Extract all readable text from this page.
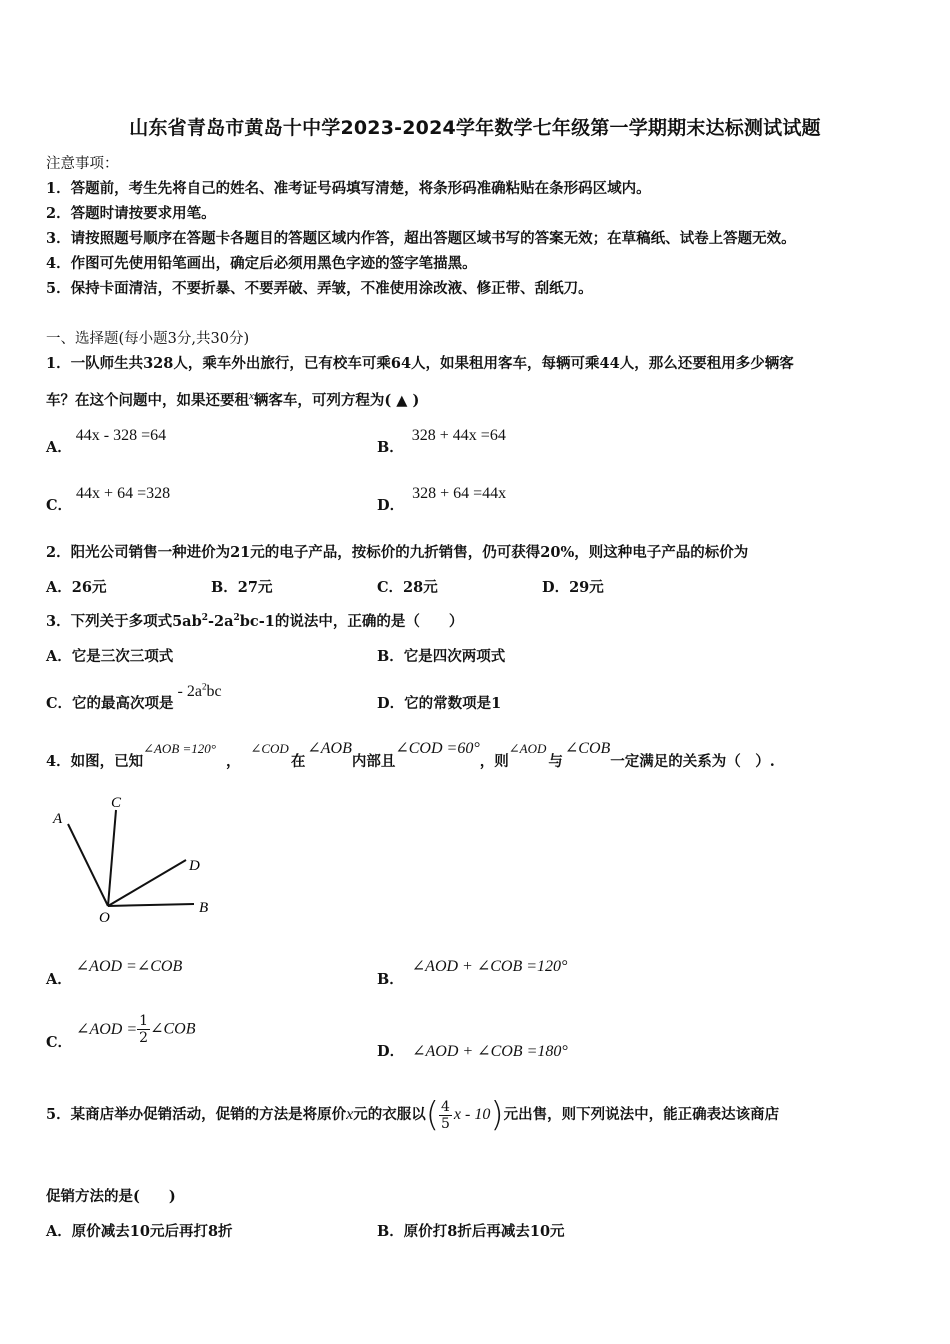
山东省青岛市黄岛十中学2023-2024学年数学七年级第一学期期末达标测试试题
注意事项：
1．答题前，考生先将自己的姓名、准考证号码填写清楚，将条形码准确粘贴在条形码区域内。
2．答题时请按要求用笔。
3．请按照题号顺序在答题卡各题目的答题区域内作答，超出答题区域书写的答案无效；在草稿纸、试卷上答题无效。
4．作图可先使用铅笔画出，确定后必须用黑色字迹的签字笔描黑。
5．保持卡面清洁，不要折暴、不要弄破、弄皱，不准使用涂改液、修正带、刮纸刀。
一、选择题(每小题3分,共30分)
1．一队师生共328人，乘车外出旅行，已有校车可乘64人，如果租用客车，每辆可乘44人，那么还要租用多少辆客
车？在这个问题中，如果还要租$^x$辆客车，可列方程为( ▲ )
A．44x - 328 =64
B．328 + 44x =64
C．44x + 64 =328
D．328 + 64 =44x
2．阳光公司销售一种进价为21元的电子产品，按标价的九折销售，仍可获得20%，则这种电子产品的标价为
A．26元	B．27元	C．28元	D．29元
3．下列关于多项式$5ab^2-2a^2bc-1$的说法中，正确的是（　　）
A．它是三次三项式	B．它是四次两项式
C．它的最高次项是- $2a^2bc$
D．它的常数项是1
4．如图，已知∠AOB =120°，∠COD在∠AOB内部且∠COD =60°，则∠AOD与∠COB一定满足的关系为（　）.
A
C
D
O
B
A．∠AOD =∠COB
B．∠AOD + ∠COB =120°
C．∠AOD = $\frac{1}{2}$ ∠COB
D． ∠AOD + ∠COB =180°
5．某商店举办促销活动，促销的方法是将原价x元的衣服以( $\frac{4}{5}$ x - 10)元出售，则下列说法中，能正确表达该商店
促销方法的是(　　)
A．原价减去10元后再打8折	B．原价打8折后再减去10元
